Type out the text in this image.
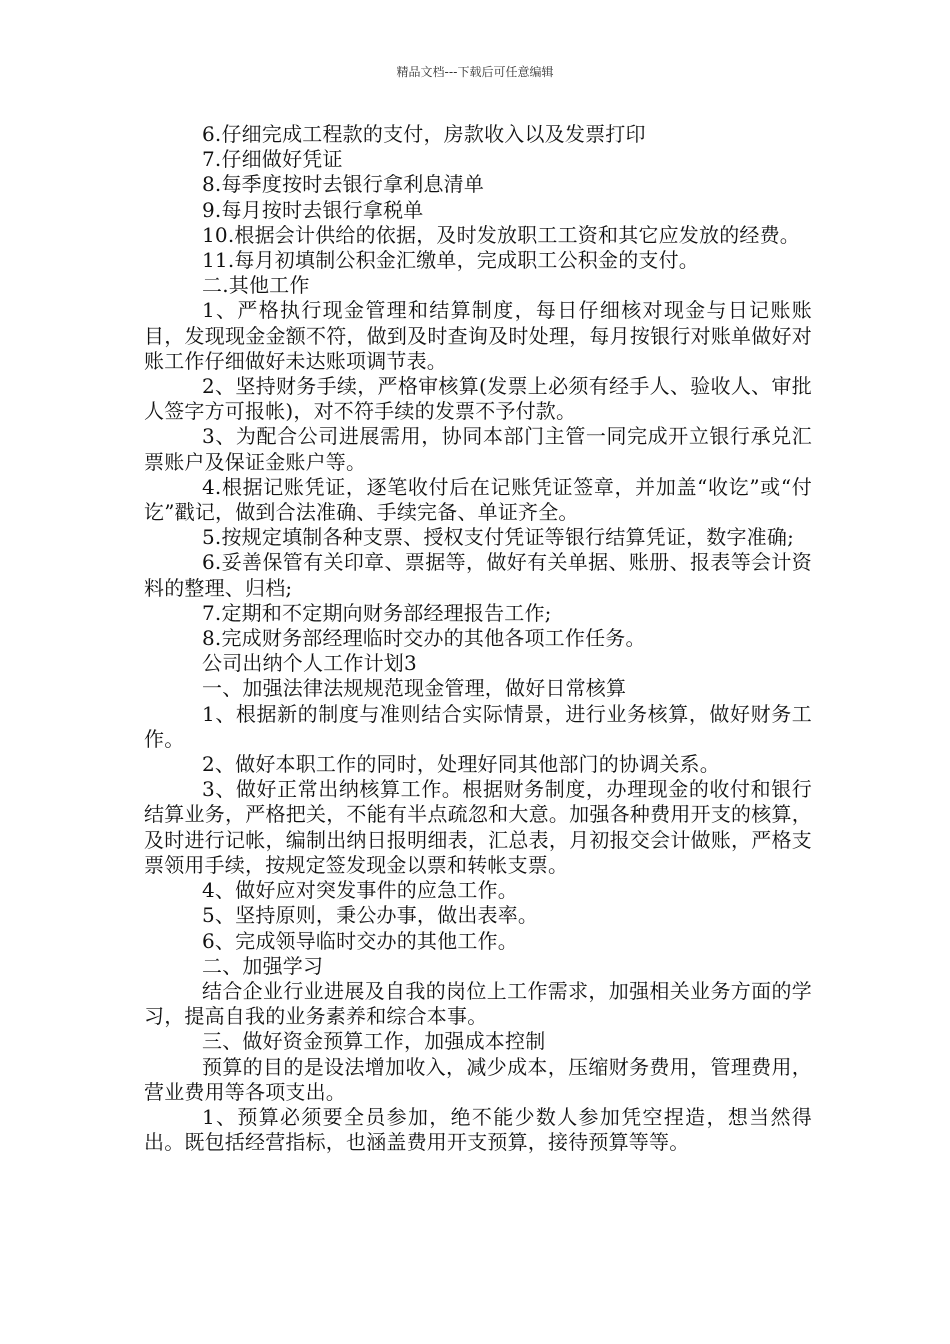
精品文档---下载后可任意编辑

6.仔细完成工程款的支付，房款收入以及发票打印

7.仔细做好凭证

8.每季度按时去银行拿利息清单

9.每月按时去银行拿税单

10.根据会计供给的依据，及时发放职工工资和其它应发放的经费。

11.每月初填制公积金汇缴单，完成职工公积金的支付。

二.其他工作

1、严格执行现金管理和结算制度，每日仔细核对现金与日记账账目，发现现金金额不符，做到及时查询及时处理，每月按银行对账单做好对账工作仔细做好未达账项调节表。

2、坚持财务手续，严格审核算(发票上必须有经手人、验收人、审批人签字方可报帐)，对不符手续的发票不予付款。

3、为配合公司进展需用，协同本部门主管一同完成开立银行承兑汇票账户及保证金账户等。

4.根据记账凭证，逐笔收付后在记账凭证签章，并加盖“收讫”或“付讫”戳记，做到合法准确、手续完备、单证齐全。

5.按规定填制各种支票、授权支付凭证等银行结算凭证，数字准确;

6.妥善保管有关印章、票据等，做好有关单据、账册、报表等会计资料的整理、归档;

7.定期和不定期向财务部经理报告工作;

8.完成财务部经理临时交办的其他各项工作任务。

公司出纳个人工作计划3

一、加强法律法规规范现金管理，做好日常核算

1、根据新的制度与准则结合实际情景，进行业务核算，做好财务工作。

2、做好本职工作的同时，处理好同其他部门的协调关系。

3、做好正常出纳核算工作。根据财务制度，办理现金的收付和银行结算业务，严格把关，不能有半点疏忽和大意。加强各种费用开支的核算，及时进行记帐，编制出纳日报明细表，汇总表，月初报交会计做账，严格支票领用手续，按规定签发现金以票和转帐支票。

4、做好应对突发事件的应急工作。

5、坚持原则，秉公办事，做出表率。

6、完成领导临时交办的其他工作。

二、加强学习

结合企业行业进展及自我的岗位上工作需求，加强相关业务方面的学习，提高自我的业务素养和综合本事。

三、做好资金预算工作，加强成本控制

预算的目的是设法增加收入，减少成本，压缩财务费用，管理费用，营业费用等各项支出。

1、预算必须要全员参加，绝不能少数人参加凭空捏造，想当然得出。既包括经营指标，也涵盖费用开支预算，接待预算等等。
